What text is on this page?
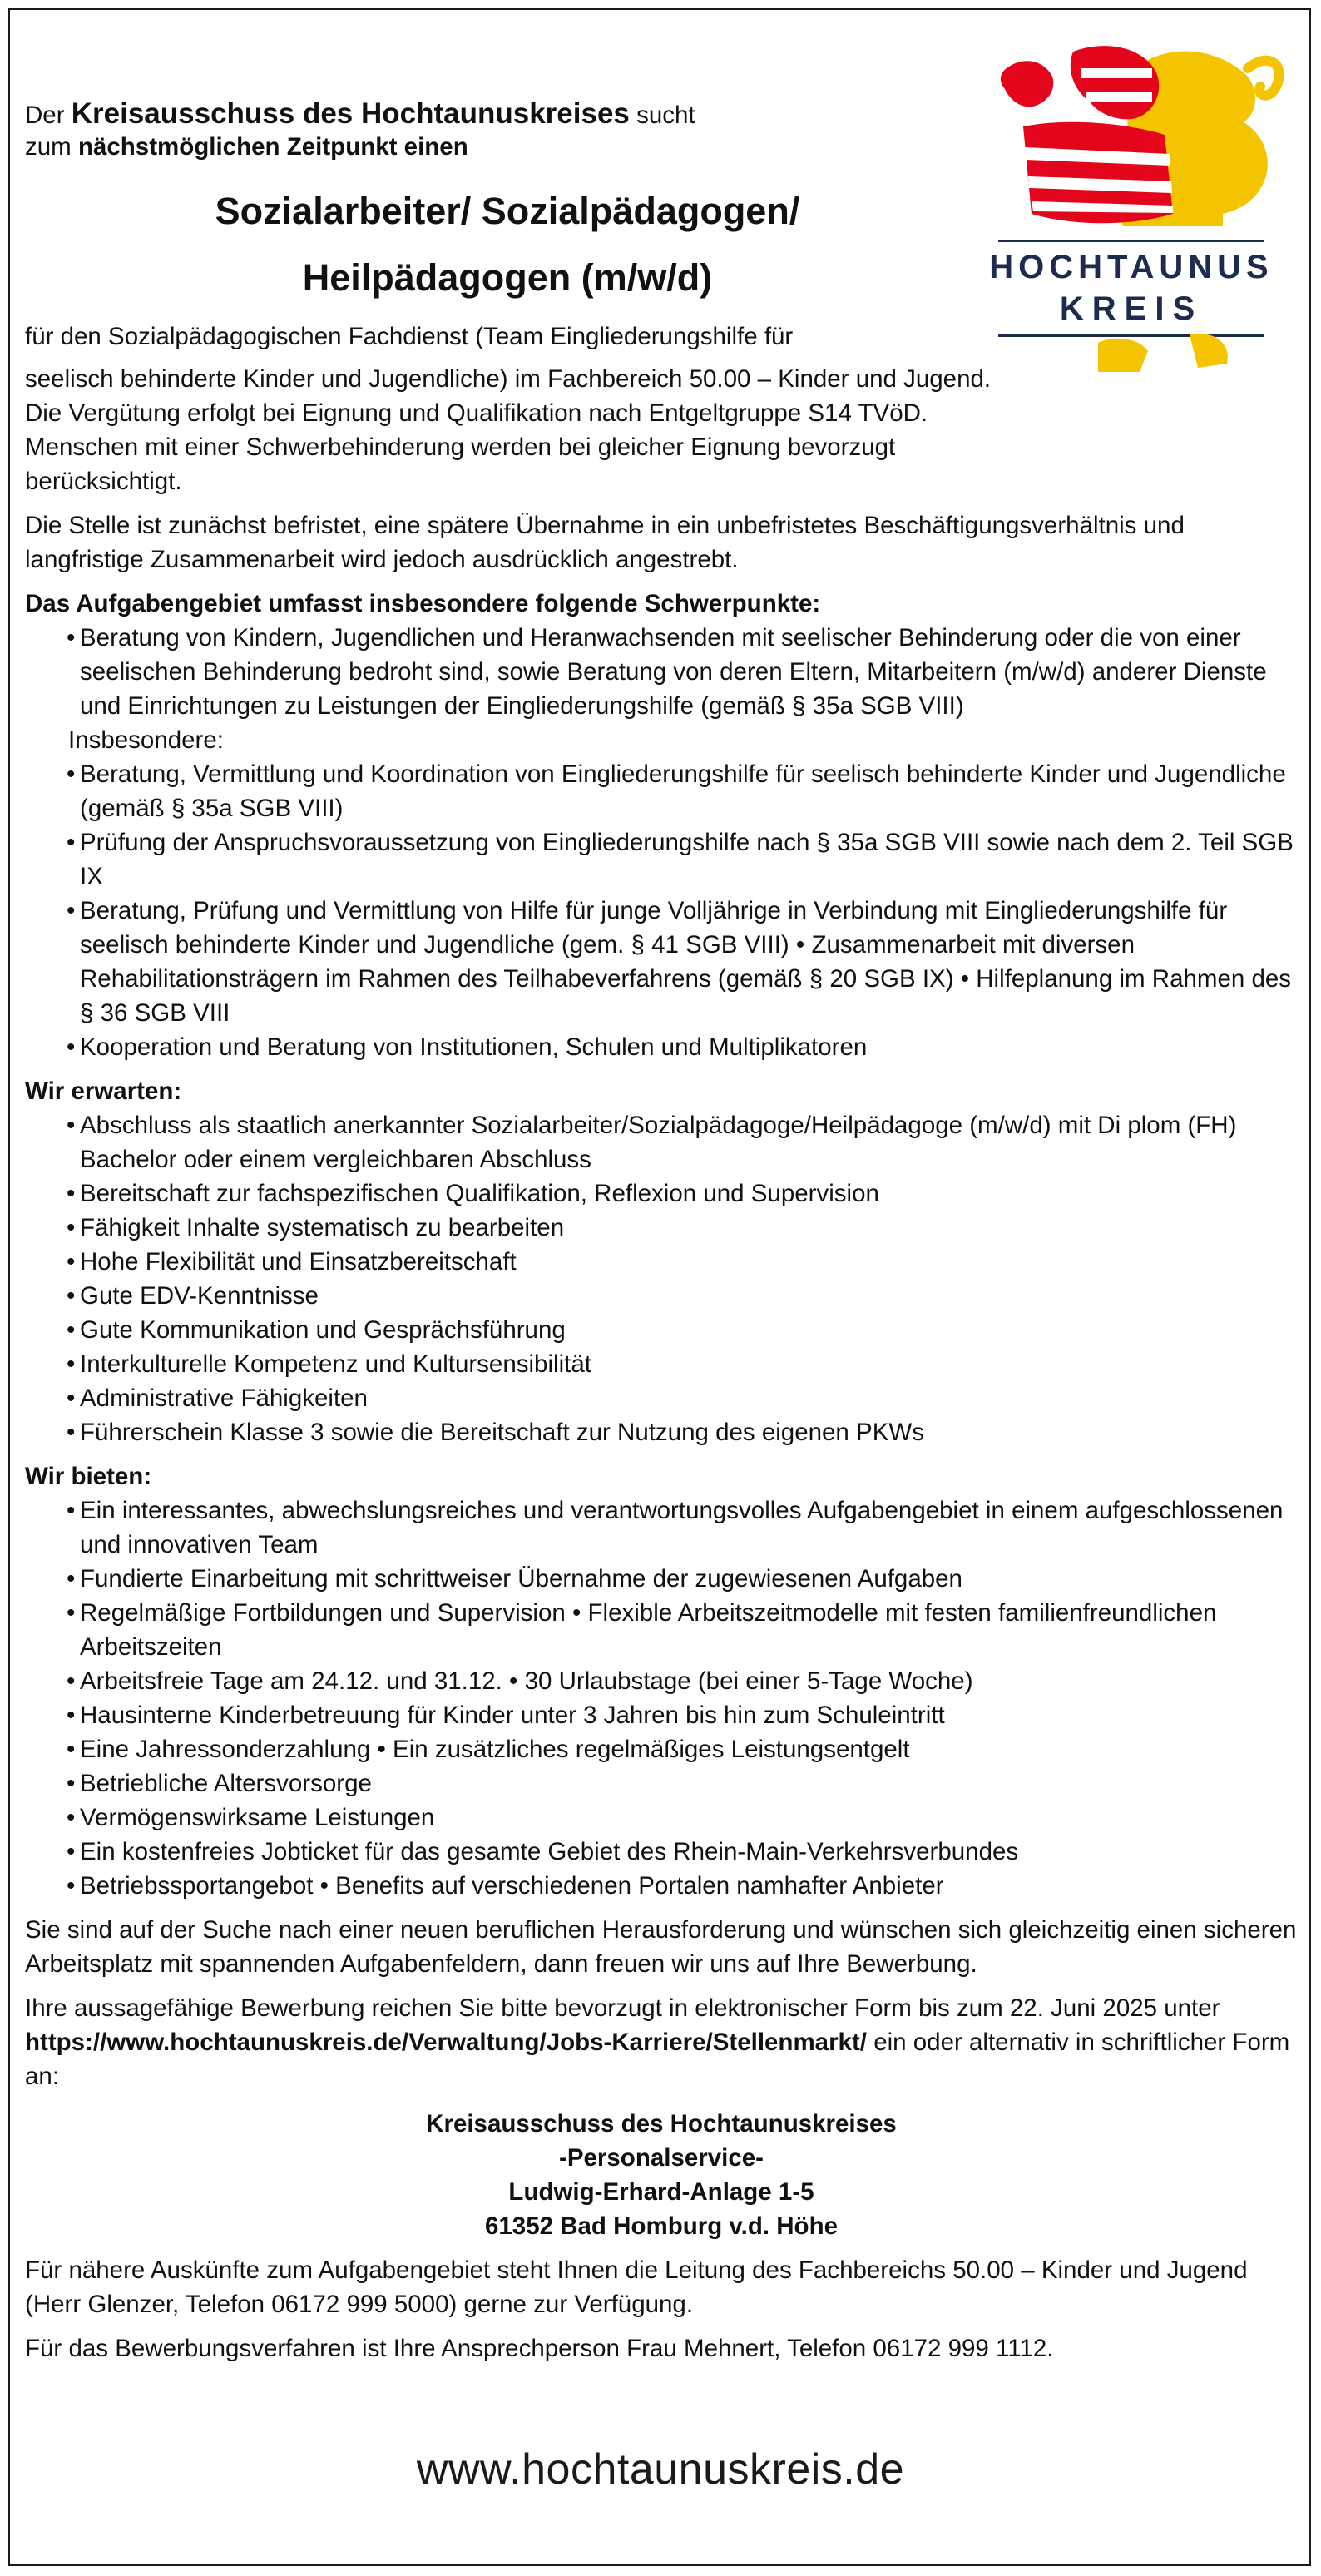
HOCHTAUNUS
KREIS
Der Kreisausschuss des Hochtaunuskreises sucht
zum nächstmöglichen Zeitpunkt einen
Sozialarbeiter/ Sozialpädagogen/
Heilpädagogen (m/w/d)

für den Sozialpädagogischen Fachdienst (Team Eingliederungshilfe für

seelisch behinderte Kinder und Jugendliche) im Fachbereich 50.00 – Kinder und Jugend. Die Vergütung erfolgt bei Eignung und Qualifikation nach Entgeltgruppe S14 TVöD. Menschen mit einer Schwerbehinderung werden bei gleicher Eignung bevorzugt berücksichtigt.

Die Stelle ist zunächst befristet, eine spätere Übernahme in ein unbefristetes Beschäftigungsverhältnis und langfristige Zusammenarbeit wird jedoch ausdrücklich angestrebt.

Das Aufgabengebiet umfasst insbesondere folgende Schwerpunkte:
• Beratung von Kindern, Jugendlichen und Heranwachsenden mit seelischer Behinderung oder die von einer seelischen Behinderung bedroht sind, sowie Beratung von deren Eltern, Mitarbeitern (m/w/d) anderer Dienste und Einrichtungen zu Leistungen der Eingliederungshilfe (gemäß § 35a SGB VIII)
Insbesondere:
• Beratung, Vermittlung und Koordination von Eingliederungshilfe für seelisch behinderte Kinder und Jugendliche (gemäß § 35a SGB VIII)
• Prüfung der Anspruchsvoraussetzung von Eingliederungshilfe nach § 35a SGB VIII sowie nach dem 2. Teil SGB IX
• Beratung, Prüfung und Vermittlung von Hilfe für junge Volljährige in Verbindung mit Eingliederungshilfe für seelisch behinderte Kinder und Jugendliche (gem. § 41 SGB VIII) • Zusammenarbeit mit diversen Rehabilitationsträgern im Rahmen des Teilhabeverfahrens (gemäß § 20 SGB IX) • Hilfeplanung im Rahmen des § 36 SGB VIII
• Kooperation und Beratung von Institutionen, Schulen und Multiplikatoren
Wir erwarten:
• Abschluss als staatlich anerkannter Sozialarbeiter/Sozialpädagoge/Heilpädagoge (m/w/d) mit Di plom (FH) Bachelor oder einem vergleichbaren Abschluss
• Bereitschaft zur fachspezifischen Qualifikation, Reflexion und Supervision
• Fähigkeit Inhalte systematisch zu bearbeiten
• Hohe Flexibilität und Einsatzbereitschaft
• Gute EDV-Kenntnisse
• Gute Kommunikation und Gesprächsführung
• Interkulturelle Kompetenz und Kultursensibilität
• Administrative Fähigkeiten
• Führerschein Klasse 3 sowie die Bereitschaft zur Nutzung des eigenen PKWs
Wir bieten:
• Ein interessantes, abwechslungsreiches und verantwortungsvolles Aufgabengebiet in einem aufgeschlossenen und innovativen Team
• Fundierte Einarbeitung mit schrittweiser Übernahme der zugewiesenen Aufgaben
• Regelmäßige Fortbildungen und Supervision • Flexible Arbeitszeitmodelle mit festen familienfreundlichen Arbeitszeiten
• Arbeitsfreie Tage am 24.12. und 31.12. • 30 Urlaubstage (bei einer 5-Tage Woche)
• Hausinterne Kinderbetreuung für Kinder unter 3 Jahren bis hin zum Schuleintritt
• Eine Jahressonderzahlung • Ein zusätzliches regelmäßiges Leistungsentgelt
• Betriebliche Altersvorsorge
• Vermögenswirksame Leistungen
• Ein kostenfreies Jobticket für das gesamte Gebiet des Rhein-Main-Verkehrsverbundes
• Betriebssportangebot • Benefits auf verschiedenen Portalen namhafter Anbieter

Sie sind auf der Suche nach einer neuen beruflichen Herausforderung und wünschen sich gleichzeitig einen sicheren Arbeitsplatz mit spannenden Aufgabenfeldern, dann freuen wir uns auf Ihre Bewerbung.

Ihre aussagefähige Bewerbung reichen Sie bitte bevorzugt in elektronischer Form bis zum 22. Juni 2025 unter https://www.hochtaunuskreis.de/Verwaltung/Jobs-Karriere/Stellenmarkt/ ein oder alternativ in schriftlicher Form an:

Kreisausschuss des Hochtaunuskreises
-Personalservice-
Ludwig-Erhard-Anlage 1-5
61352 Bad Homburg v.d. Höhe

Für nähere Auskünfte zum Aufgabengebiet steht Ihnen die Leitung des Fachbereichs 50.00 – Kinder und Jugend (Herr Glenzer, Telefon 06172 999 5000) gerne zur Verfügung.

Für das Bewerbungsverfahren ist Ihre Ansprechperson Frau Mehnert, Telefon 06172 999 1112.

www.hochtaunuskreis.de
